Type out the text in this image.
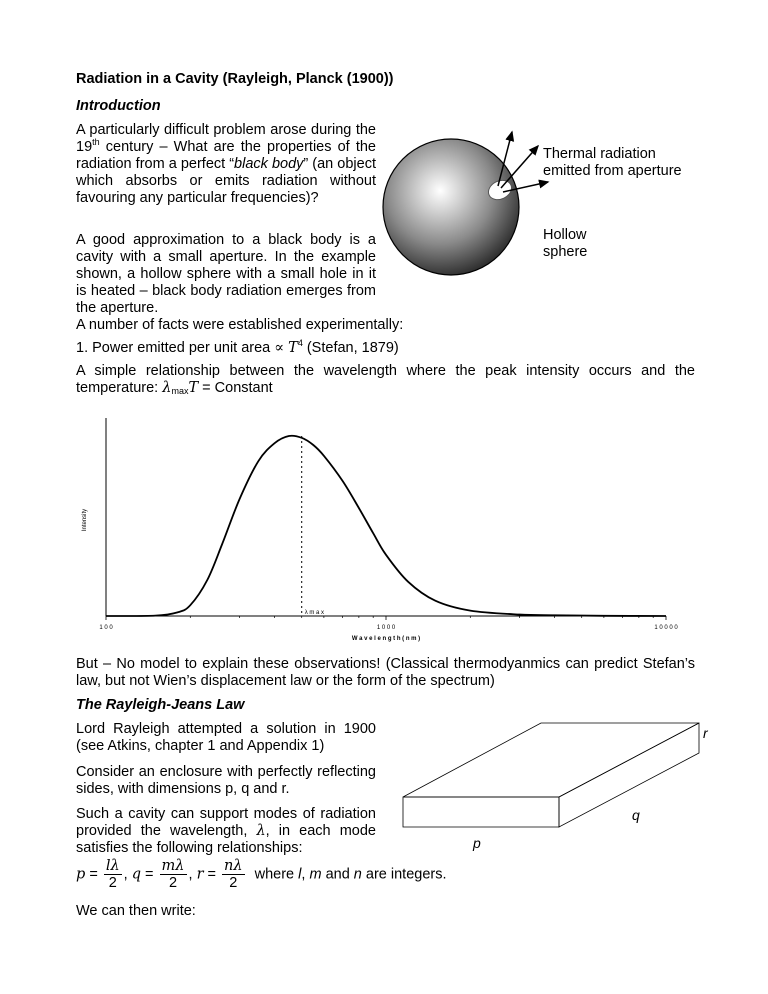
Radiation in a Cavity (Rayleigh, Planck (1900))
Introduction
A particularly difficult problem arose during the 19th century – What are the properties of the radiation from a perfect “black body” (an object which absorbs or emits radiation without favouring any particular frequencies)?
A good approximation to a black body is a cavity with a small aperture. In the example shown, a hollow sphere with a small hole in it is heated – black body radiation emerges from the aperture.
Thermal radiation
emitted from aperture
Hollow
sphere
A number of facts were established experimentally:
1. Power emitted per unit area ∝ $T^4$ (Stefan, 1879)
A simple relationship between the wavelength where the peak intensity occurs and the temperature: $\lambda_{max}T$ = Constant
1 0 0	1 0 0 0	1 0 0 0 0
λ m a x
Intensity
W a v e l e n g t h ( n m )
But – No model to explain these observations! (Classical thermodyanmics can predict Stefan’s law, but not Wien’s displacement law or the form of the spectrum)
The Rayleigh-Jeans Law
Lord Rayleigh attempted a solution in 1900 (see Atkins, chapter 1 and Appendix 1)
Consider an enclosure with perfectly reflecting sides, with dimensions p, q and r.
Such a cavity can support modes of radiation provided the wavelength, λ, in each mode satisfies the following relationships:
r
q
p
$p = \frac{l\lambda}{2}$ , $q = \frac{m\lambda}{2}$ , $r = \frac{n\lambda}{2}$ where l, m and n are integers.
We can then write:
